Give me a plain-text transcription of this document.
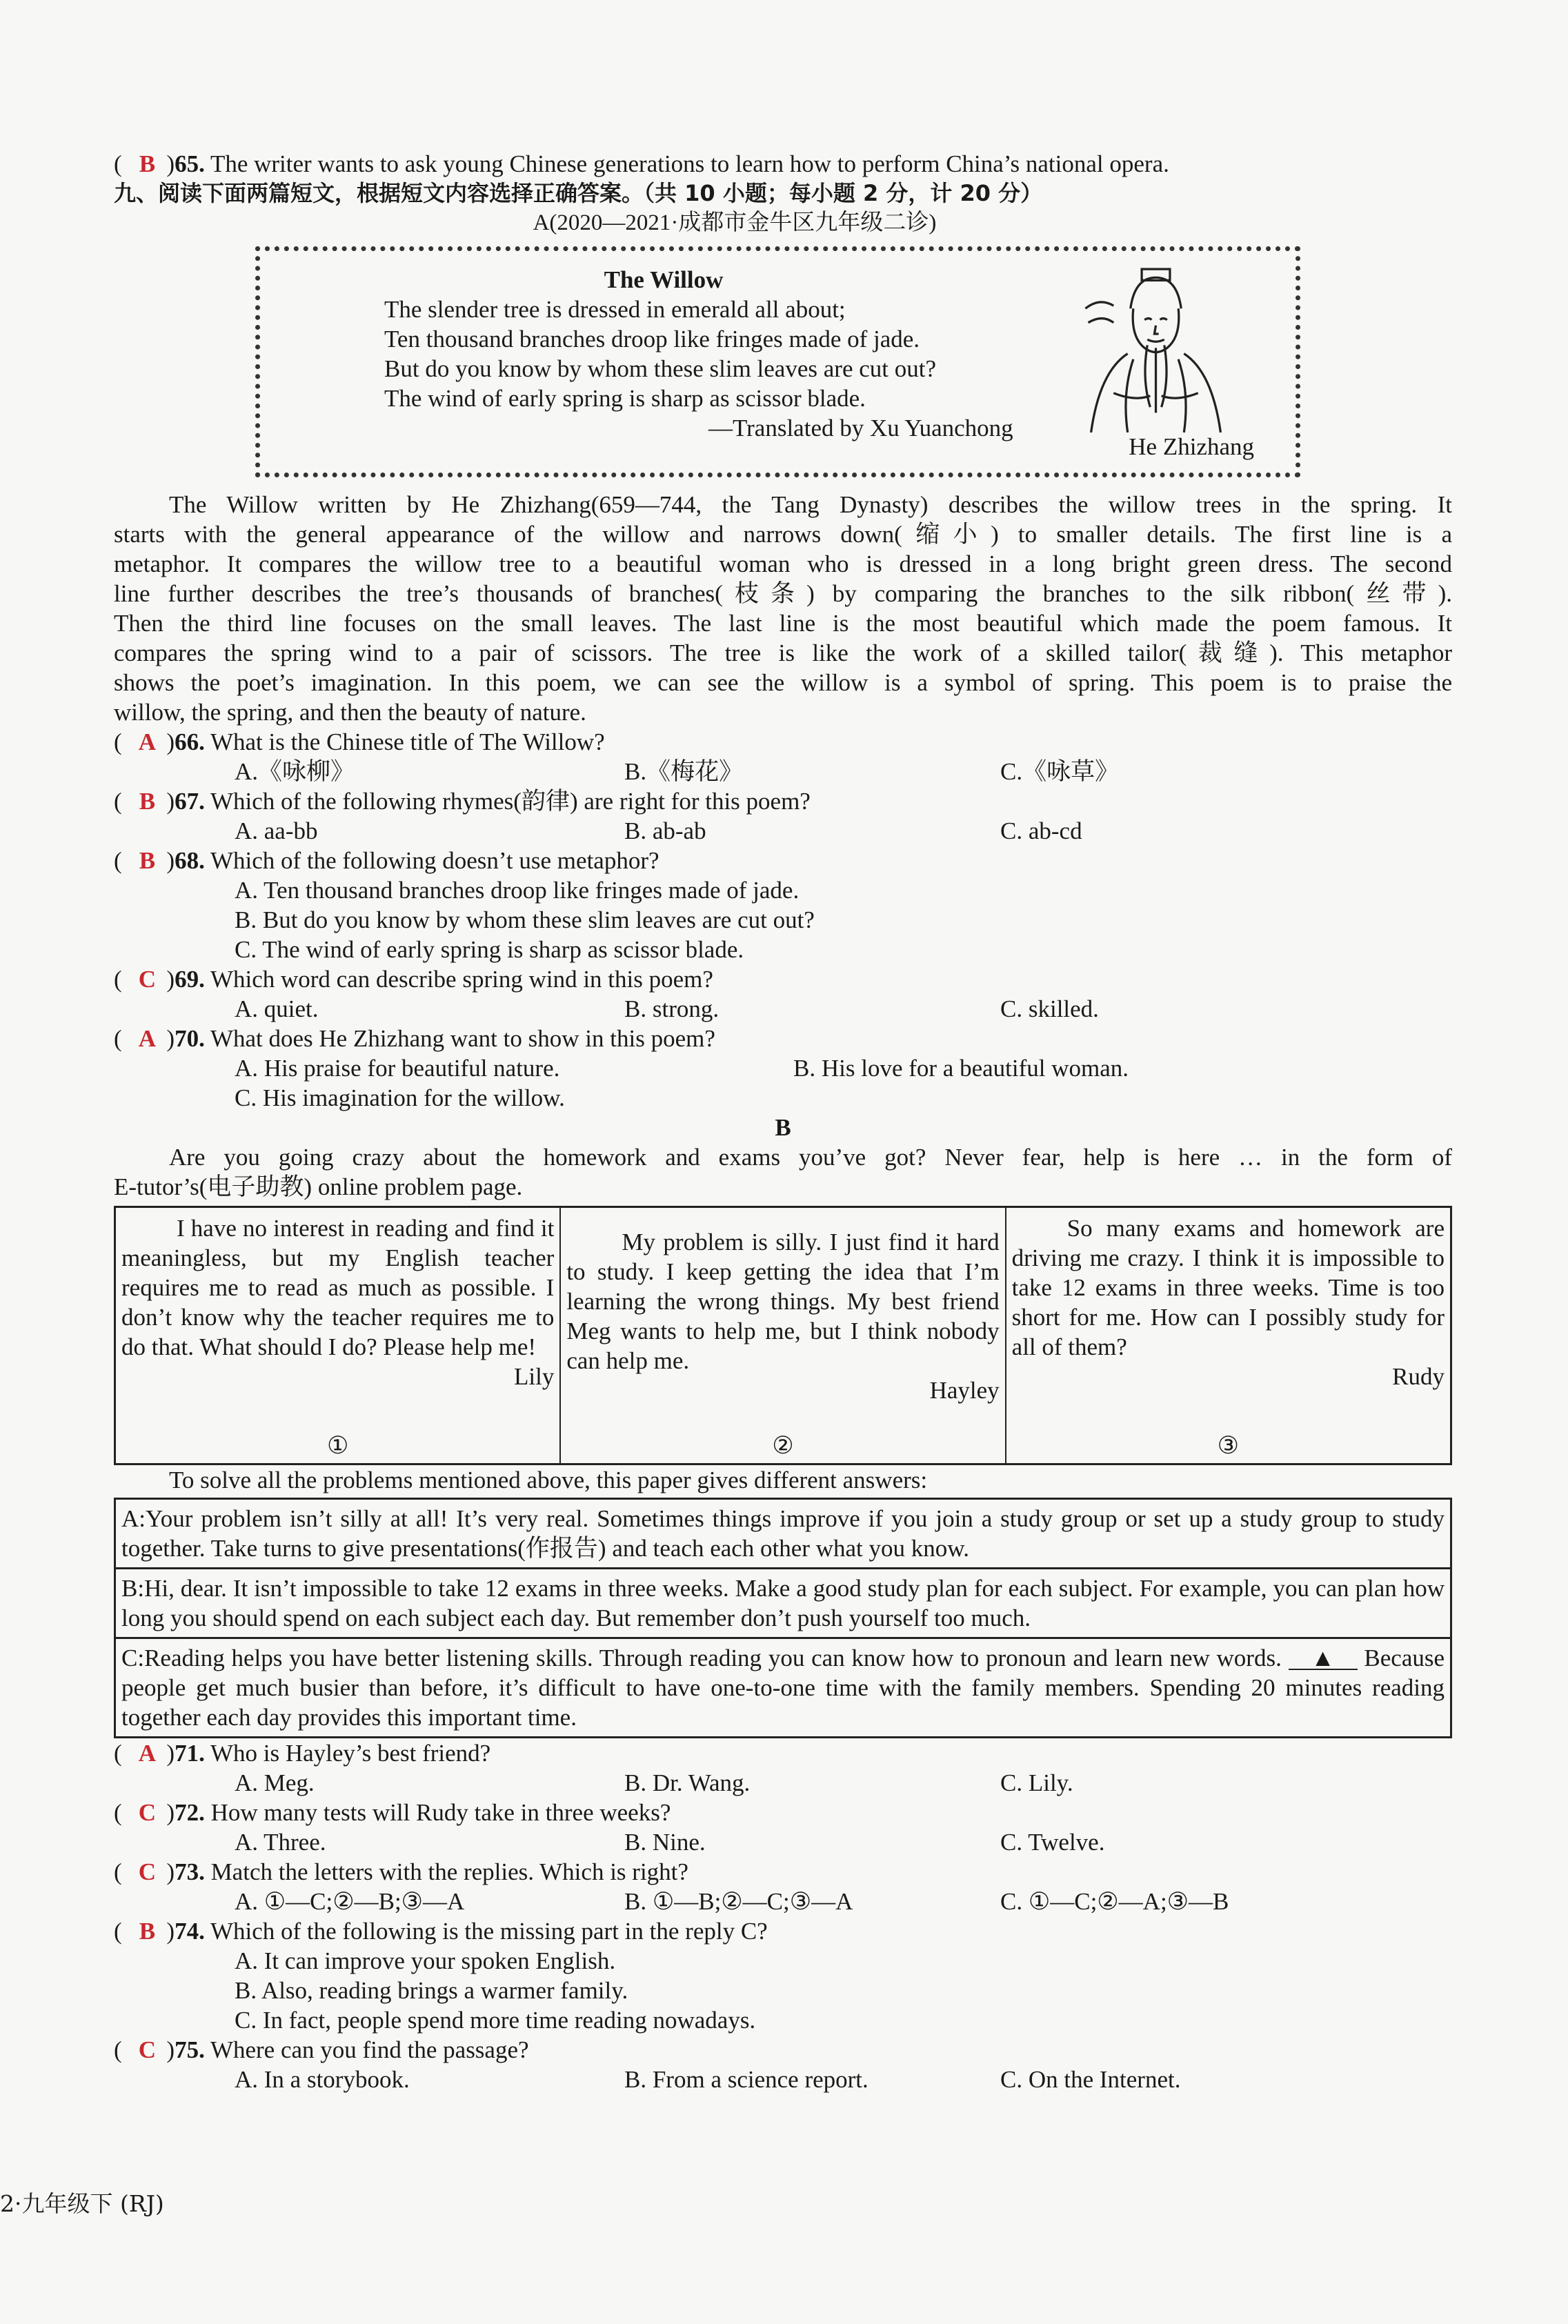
( B )65. The writer wants to ask young Chinese generations to learn how to perform China’s national opera.
九、阅读下面两篇短文，根据短文内容选择正确答案。（共 10 小题；每小题 2 分，计 20 分）
A(2020—2021·成都市金牛区九年级二诊)
The Willow
The slender tree is dressed in emerald all about;
Ten thousand branches droop like fringes made of jade.
But do you know by whom these slim leaves are cut out?
The wind of early spring is sharp as scissor blade.
—Translated by Xu Yuanchong
He Zhizhang
The Willow written by He Zhizhang(659—744, the Tang Dynasty) describes the willow trees in the spring. It
starts with the general appearance of the willow and narrows down(缩小) to smaller details. The first line is a
metaphor. It compares the willow tree to a beautiful woman who is dressed in a long bright green dress. The second
line further describes the tree’s thousands of branches(枝条) by comparing the branches to the silk ribbon(丝带).
Then the third line focuses on the small leaves. The last line is the most beautiful which made the poem famous. It
compares the spring wind to a pair of scissors. The tree is like the work of a skilled tailor(裁缝). This metaphor
shows the poet’s imagination. In this poem, we can see the willow is a symbol of spring. This poem is to praise the
willow, the spring, and then the beauty of nature.
( A )66. What is the Chinese title of The Willow?
A.《咏柳》	B.《梅花》	C.《咏草》
( B )67. Which of the following rhymes(韵律) are right for this poem?
A. aa-bb	B. ab-ab	C. ab-cd
( B )68. Which of the following doesn’t use metaphor?
A. Ten thousand branches droop like fringes made of jade.
B. But do you know by whom these slim leaves are cut out?
C. The wind of early spring is sharp as scissor blade.
( C )69. Which word can describe spring wind in this poem?
A. quiet.	B. strong.	C. skilled.
( A )70. What does He Zhizhang want to show in this poem?
A. His praise for beautiful nature.	B. His love for a beautiful woman.
C. His imagination for the willow.
B
Are you going crazy about the homework and exams you’ve got? Never fear, help is here … in the form of
E-tutor’s(电子助教) online problem page.
I have no interest in reading and find it meaningless, but my English teacher requires me to read as much as possible. I don’t know why the teacher requires me to do that. What should I do? Please help me!
Lily
①
My problem is silly. I just find it hard to study. I keep getting the idea that I’m learning the wrong things. My best friend Meg wants to help me, but I think nobody can help me.
Hayley
②
So many exams and homework are driving me crazy. I think it is impossible to take 12 exams in three weeks. Time is too short for me. How can I possibly study for all of them?
Rudy
③
To solve all the problems mentioned above, this paper gives different answers:
A:Your problem isn’t silly at all! It’s very real. Sometimes things improve if you join a study group or set up a study group to study together. Take turns to give presentations(作报告) and teach each other what you know.
B:Hi, dear. It isn’t impossible to take 12 exams in three weeks. Make a good study plan for each subject. For example, you can plan how long you should spend on each subject each day. But remember don’t push yourself too much.
C:Reading helps you have better listening skills. Through reading you can know how to pronoun and learn new words. ▲ Because people get much busier than before, it’s difficult to have one-to-one time with the family members. Spending 20 minutes reading together each day provides this important time.
( A )71. Who is Hayley’s best friend?
A. Meg.	B. Dr. Wang.	C. Lily.
( C )72. How many tests will Rudy take in three weeks?
A. Three.	B. Nine.	C. Twelve.
( C )73. Match the letters with the replies. Which is right?
A. ①—C;②—B;③—A	B. ①—B;②—C;③—A	C. ①—C;②—A;③—B
( B )74. Which of the following is the missing part in the reply C?
A. It can improve your spoken English.
B. Also, reading brings a warmer family.
C. In fact, people spend more time reading nowadays.
( C )75. Where can you find the passage?
A. In a storybook.	B. From a science report.	C. On the Internet.
2·九年级下 (RJ)
